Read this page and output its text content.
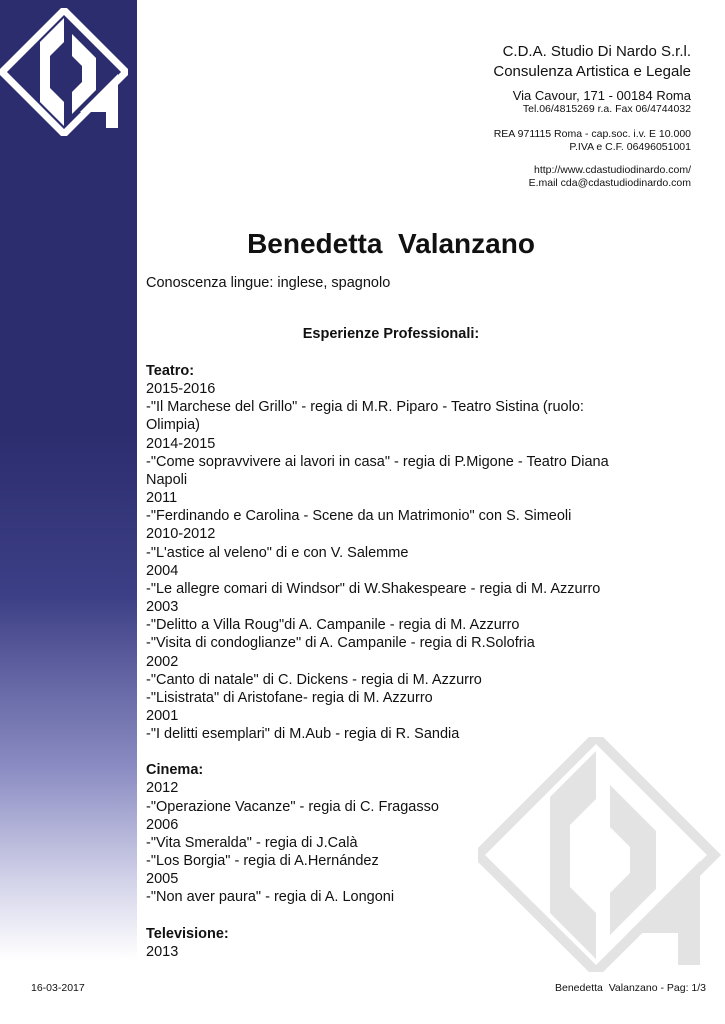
C.D.A. Studio Di Nardo S.r.l.
Consulenza Artistica e Legale
Via Cavour, 171 - 00184 Roma
Tel.06/4815269 r.a. Fax 06/4744032
REA 971115 Roma - cap.soc. i.v. E 10.000
P.IVA e C.F. 06496051001
http://www.cdastudiodinardo.com/
E.mail cda@cdastudiodinardo.com
Benedetta  Valanzano
Conoscenza lingue: inglese, spagnolo
Esperienze Professionali:
Teatro:
2015-2016
-"Il Marchese del Grillo" - regia di M.R. Piparo - Teatro Sistina (ruolo: Olimpia)
2014-2015
-"Come sopravvivere ai lavori in casa" - regia di P.Migone - Teatro Diana Napoli
2011
-"Ferdinando e Carolina - Scene da un Matrimonio" con S. Simeoli
2010-2012
-"L'astice al veleno" di e con V. Salemme
2004
-"Le allegre comari di Windsor" di W.Shakespeare - regia di M. Azzurro
2003
-"Delitto a Villa Roug"di A. Campanile - regia di M. Azzurro
-"Visita di condoglianze" di A. Campanile - regia di R.Solofria
2002
-"Canto di natale" di C. Dickens - regia di M. Azzurro
-"Lisistrata" di Aristofane- regia di M. Azzurro
2001
-"I delitti esemplari" di M.Aub - regia di R. Sandia
Cinema:
2012
-"Operazione Vacanze" - regia di C. Fragasso
2006
-"Vita Smeralda" - regia di J.Calà
-"Los Borgia" - regia di A.Hernández
2005
-"Non aver paura" - regia di A. Longoni
Televisione:
2013
16-03-2017	Benedetta  Valanzano - Pag: 1/3
